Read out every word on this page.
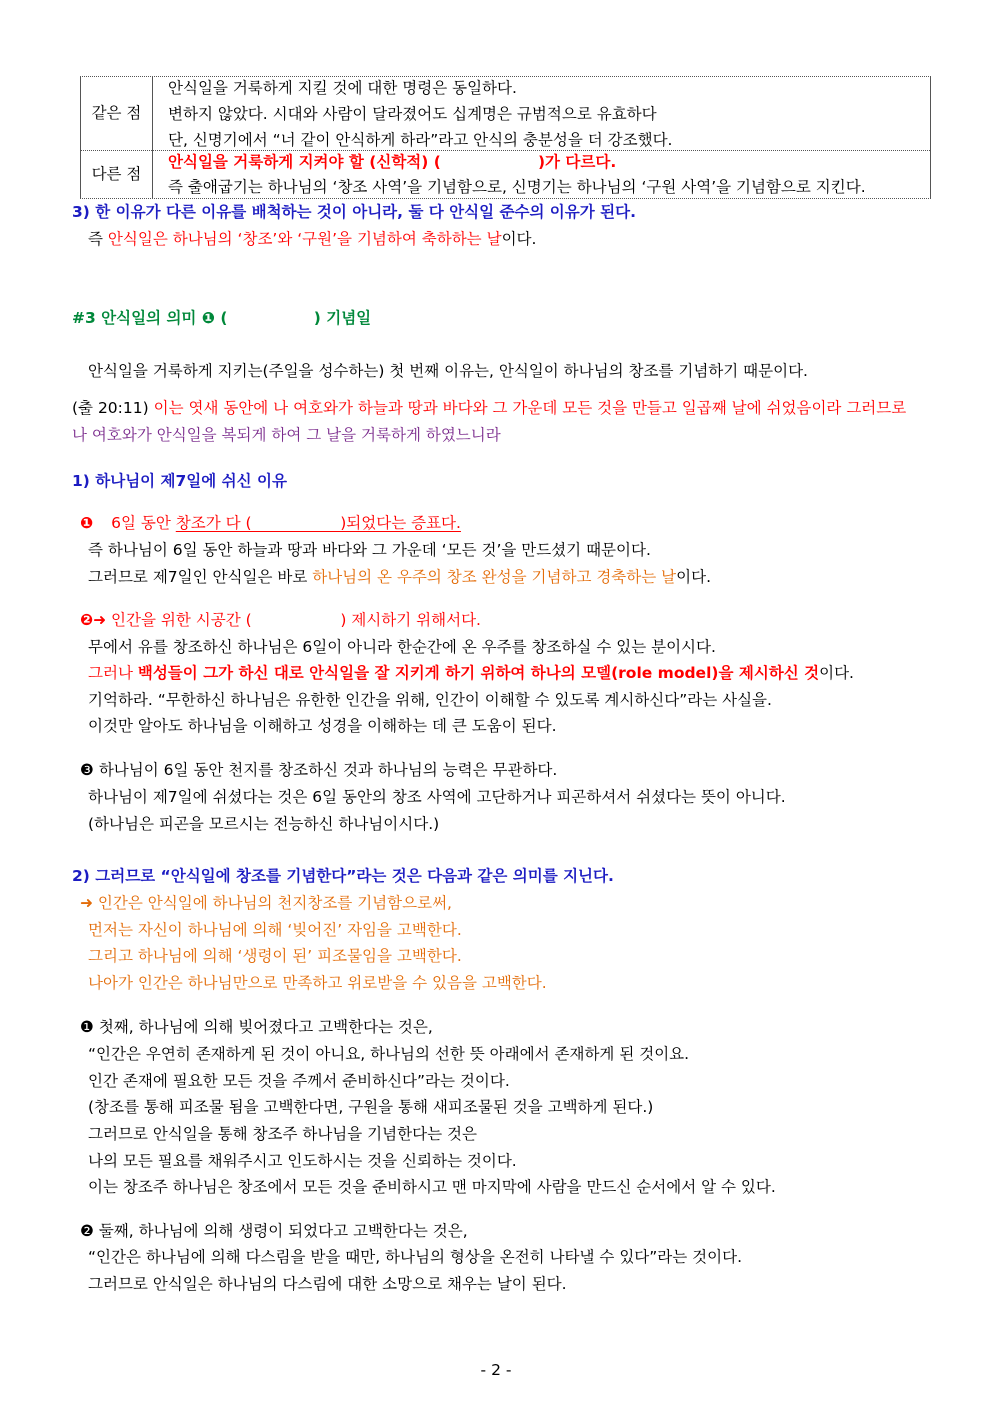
같은 점
다른 점
안식일을 거룩하게 지킬 것에 대한 명령은 동일하다.
변하지 않았다. 시대와 사람이 달라졌어도 십계명은 규범적으로 유효하다
단, 신명기에서 “너 같이 안식하게 하라”라고 안식의 충분성을 더 강조했다.
안식일을 거룩하게 지켜야 할 (신학적) (                  )가 다르다.
즉 출애굽기는 하나님의 ‘창조 사역’을 기념함으로, 신명기는 하나님의 ‘구원 사역’을 기념함으로 지킨다.
3) 한 이유가 다른 이유를 배척하는 것이 아니라, 둘 다 안식일 준수의 이유가 된다.
즉 안식일은 하나님의 ‘창조’와 ‘구원’을 기념하여 축하하는 날이다.
#3 안식일의 의미 ❶ (                ) 기념일
안식일을 거룩하게 지키는(주일을 성수하는) 첫 번째 이유는, 안식일이 하나님의 창조를 기념하기 때문이다.
(출 20:11) 이는 엿새 동안에 나 여호와가 하늘과 땅과 바다와 그 가운데 모든 것을 만들고 일곱째 날에 쉬었음이라 그러므로
나 여호와가 안식일을 복되게 하여 그 날을 거룩하게 하였느니라
1) 하나님이 제7일에 쉬신 이유
❶ 6일 동안 창조가 다 (                  )되었다는 증표다.
즉 하나님이 6일 동안 하늘과 땅과 바다와 그 가운데 ‘모든 것’을 만드셨기 때문이다.
그러므로 제7일인 안식일은 바로 하나님의 온 우주의 창조 완성을 기념하고 경축하는 날이다.
❷➜ 인간을 위한 시공간 (                  ) 제시하기 위해서다.
무에서 유를 창조하신 하나님은 6일이 아니라 한순간에 온 우주를 창조하실 수 있는 분이시다.
그러나 백성들이 그가 하신 대로 안식일을 잘 지키게 하기 위하여 하나의 모델(role model)을 제시하신 것이다.
기억하라. “무한하신 하나님은 유한한 인간을 위해, 인간이 이해할 수 있도록 계시하신다”라는 사실을.
이것만 알아도 하나님을 이해하고 성경을 이해하는 데 큰 도움이 된다.
❸ 하나님이 6일 동안 천지를 창조하신 것과 하나님의 능력은 무관하다.
하나님이 제7일에 쉬셨다는 것은 6일 동안의 창조 사역에 고단하거나 피곤하셔서 쉬셨다는 뜻이 아니다.
(하나님은 피곤을 모르시는 전능하신 하나님이시다.)
2) 그러므로 “안식일에 창조를 기념한다”라는 것은 다음과 같은 의미를 지닌다.
➜ 인간은 안식일에 하나님의 천지창조를 기념함으로써,
먼저는 자신이 하나님에 의해 ‘빚어진’ 자임을 고백한다.
그리고 하나님에 의해 ‘생령이 된’ 피조물임을 고백한다.
나아가 인간은 하나님만으로 만족하고 위로받을 수 있음을 고백한다.
❶ 첫째, 하나님에 의해 빚어졌다고 고백한다는 것은,
“인간은 우연히 존재하게 된 것이 아니요, 하나님의 선한 뜻 아래에서 존재하게 된 것이요.
인간 존재에 필요한 모든 것을 주께서 준비하신다”라는 것이다.
(창조를 통해 피조물 됨을 고백한다면, 구원을 통해 새피조물된 것을 고백하게 된다.)
그러므로 안식일을 통해 창조주 하나님을 기념한다는 것은
나의 모든 필요를 채워주시고 인도하시는 것을 신뢰하는 것이다.
이는 창조주 하나님은 창조에서 모든 것을 준비하시고 맨 마지막에 사람을 만드신 순서에서 알 수 있다.
❷ 둘째, 하나님에 의해 생령이 되었다고 고백한다는 것은,
“인간은 하나님에 의해 다스림을 받을 때만, 하나님의 형상을 온전히 나타낼 수 있다”라는 것이다.
그러므로 안식일은 하나님의 다스림에 대한 소망으로 채우는 날이 된다.
- 2 -
